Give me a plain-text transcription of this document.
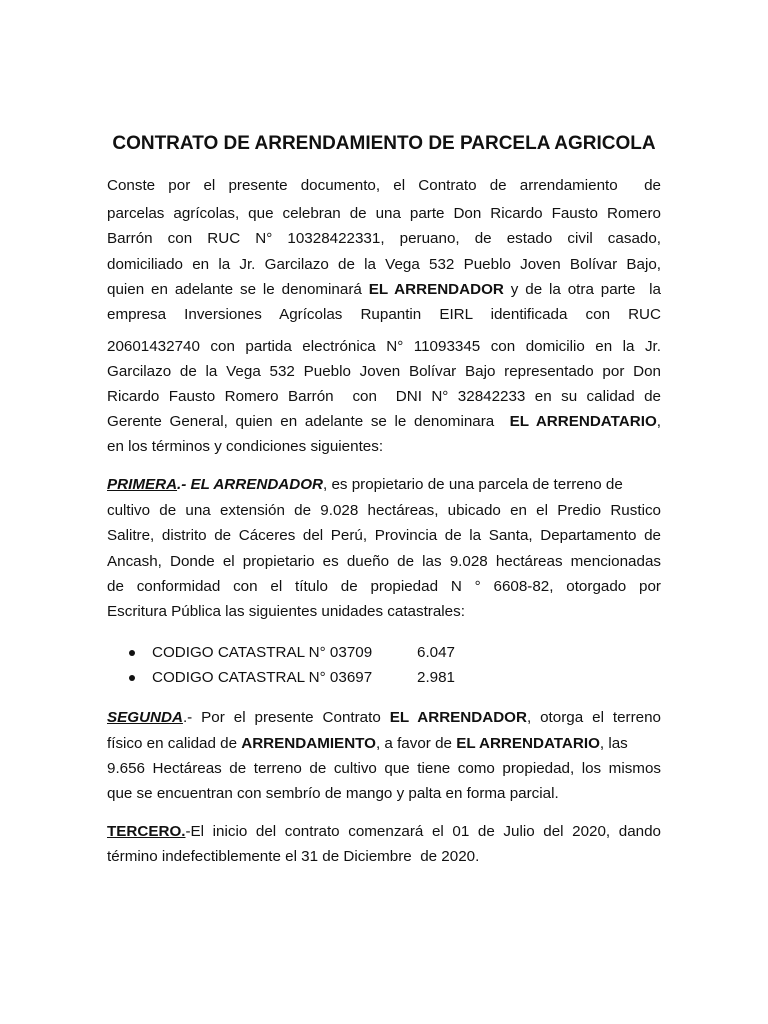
CONTRATO DE ARRENDAMIENTO DE PARCELA AGRICOLA
Conste por el presente documento, el Contrato de arrendamiento  de
parcelas agrícolas, que celebran de una parte Don Ricardo Fausto Romero
Barrón con RUC N° 10328422331, peruano, de estado civil casado,
domiciliado en la Jr. Garcilazo de la Vega 532 Pueblo Joven Bolívar Bajo,
quien en adelante se le denominará EL ARRENDADOR y de la otra parte  la
empresa Inversiones Agrícolas Rupantin EIRL identificada con RUC
20601432740 con partida electrónica N° 11093345 con domicilio en la Jr.
Garcilazo de la Vega 532 Pueblo Joven Bolívar Bajo representado por Don
Ricardo Fausto Romero Barrón  con  DNI N° 32842233 en su calidad de
Gerente General, quien en adelante se le denominara  EL ARRENDATARIO,
en los términos y condiciones siguientes:
PRIMERA.- EL ARRENDADOR, es propietario de una parcela de terreno de
cultivo de una extensión de 9.028 hectáreas, ubicado en el Predio Rustico
Salitre, distrito de Cáceres del Perú, Provincia de la Santa, Departamento de
Ancash, Donde el propietario es dueño de las 9.028 hectáreas mencionadas
de conformidad con el título de propiedad N ° 6608-82, otorgado por
Escritura Pública las siguientes unidades catastrales:
CODIGO CATASTRAL N° 03709	6.047
CODIGO CATASTRAL N° 03697	2.981
SEGUNDA.- Por el presente Contrato EL ARRENDADOR, otorga el terreno
físico en calidad de ARRENDAMIENTO, a favor de EL ARRENDATARIO, las
9.656 Hectáreas de terreno de cultivo que tiene como propiedad, los mismos
que se encuentran con sembrío de mango y palta en forma parcial.
TERCERO.-El inicio del contrato comenzará el 01 de Julio del 2020, dando
término indefectiblemente el 31 de Diciembre  de 2020.
